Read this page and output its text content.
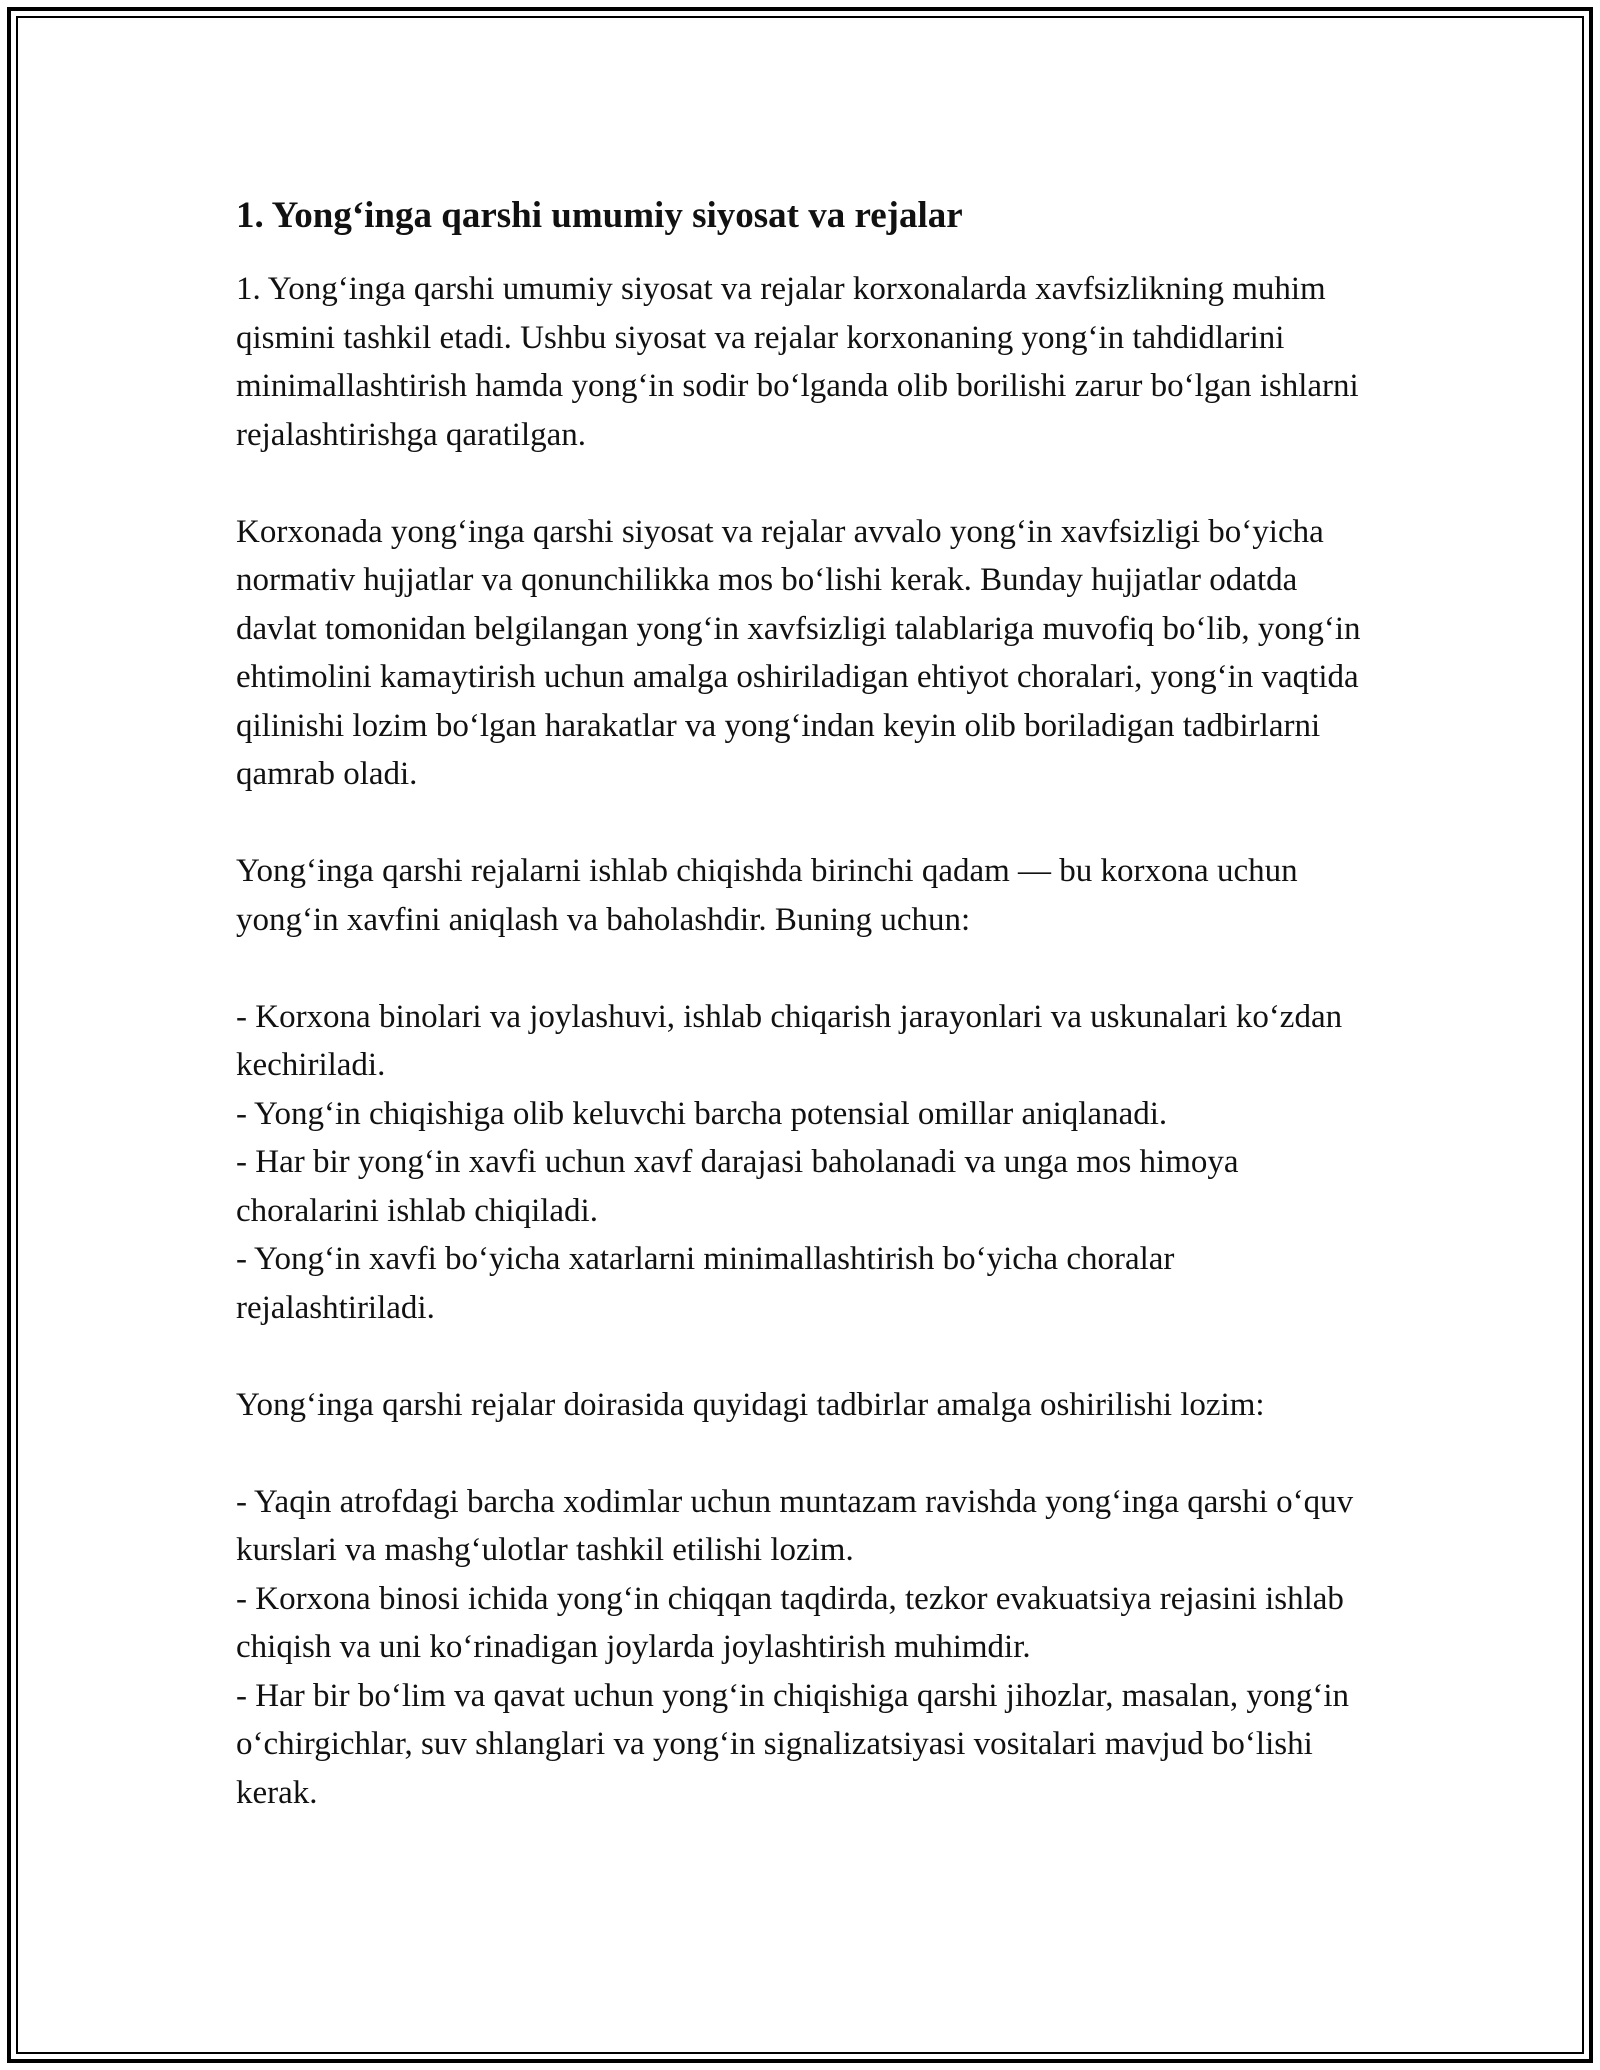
1. Yong‘inga qarshi umumiy siyosat va rejalar

1. Yong‘inga qarshi umumiy siyosat va rejalar korxonalarda xavfsizlikning muhim qismini tashkil etadi. Ushbu siyosat va rejalar korxonaning yong‘in tahdidlarini minimallashtirish hamda yong‘in sodir bo‘lganda olib borilishi zarur bo‘lgan ishlarni rejalashtirishga qaratilgan.

Korxonada yong‘inga qarshi siyosat va rejalar avvalo yong‘in xavfsizligi bo‘yicha normativ hujjatlar va qonunchilikka mos bo‘lishi kerak. Bunday hujjatlar odatda davlat tomonidan belgilangan yong‘in xavfsizligi talablariga muvofiq bo‘lib, yong‘in ehtimolini kamaytirish uchun amalga oshiriladigan ehtiyot choralari, yong‘in vaqtida qilinishi lozim bo‘lgan harakatlar va yong‘indan keyin olib boriladigan tadbirlarni qamrab oladi.

Yong‘inga qarshi rejalarni ishlab chiqishda birinchi qadam — bu korxona uchun yong‘in xavfini aniqlash va baholashdir. Buning uchun:

- Korxona binolari va joylashuvi, ishlab chiqarish jarayonlari va uskunalari ko‘zdan kechiriladi.
- Yong‘in chiqishiga olib keluvchi barcha potensial omillar aniqlanadi.
- Har bir yong‘in xavfi uchun xavf darajasi baholanadi va unga mos himoya choralarini ishlab chiqiladi.
- Yong‘in xavfi bo‘yicha xatarlarni minimallashtirish bo‘yicha choralar rejalashtiriladi.

Yong‘inga qarshi rejalar doirasida quyidagi tadbirlar amalga oshirilishi lozim:

- Yaqin atrofdagi barcha xodimlar uchun muntazam ravishda yong‘inga qarshi o‘quv kurslari va mashg‘ulotlar tashkil etilishi lozim.
- Korxona binosi ichida yong‘in chiqqan taqdirda, tezkor evakuatsiya rejasini ishlab chiqish va uni ko‘rinadigan joylarda joylashtirish muhimdir.
- Har bir bo‘lim va qavat uchun yong‘in chiqishiga qarshi jihozlar, masalan, yong‘in o‘chirgichlar, suv shlanglari va yong‘in signalizatsiyasi vositalari mavjud bo‘lishi kerak.
